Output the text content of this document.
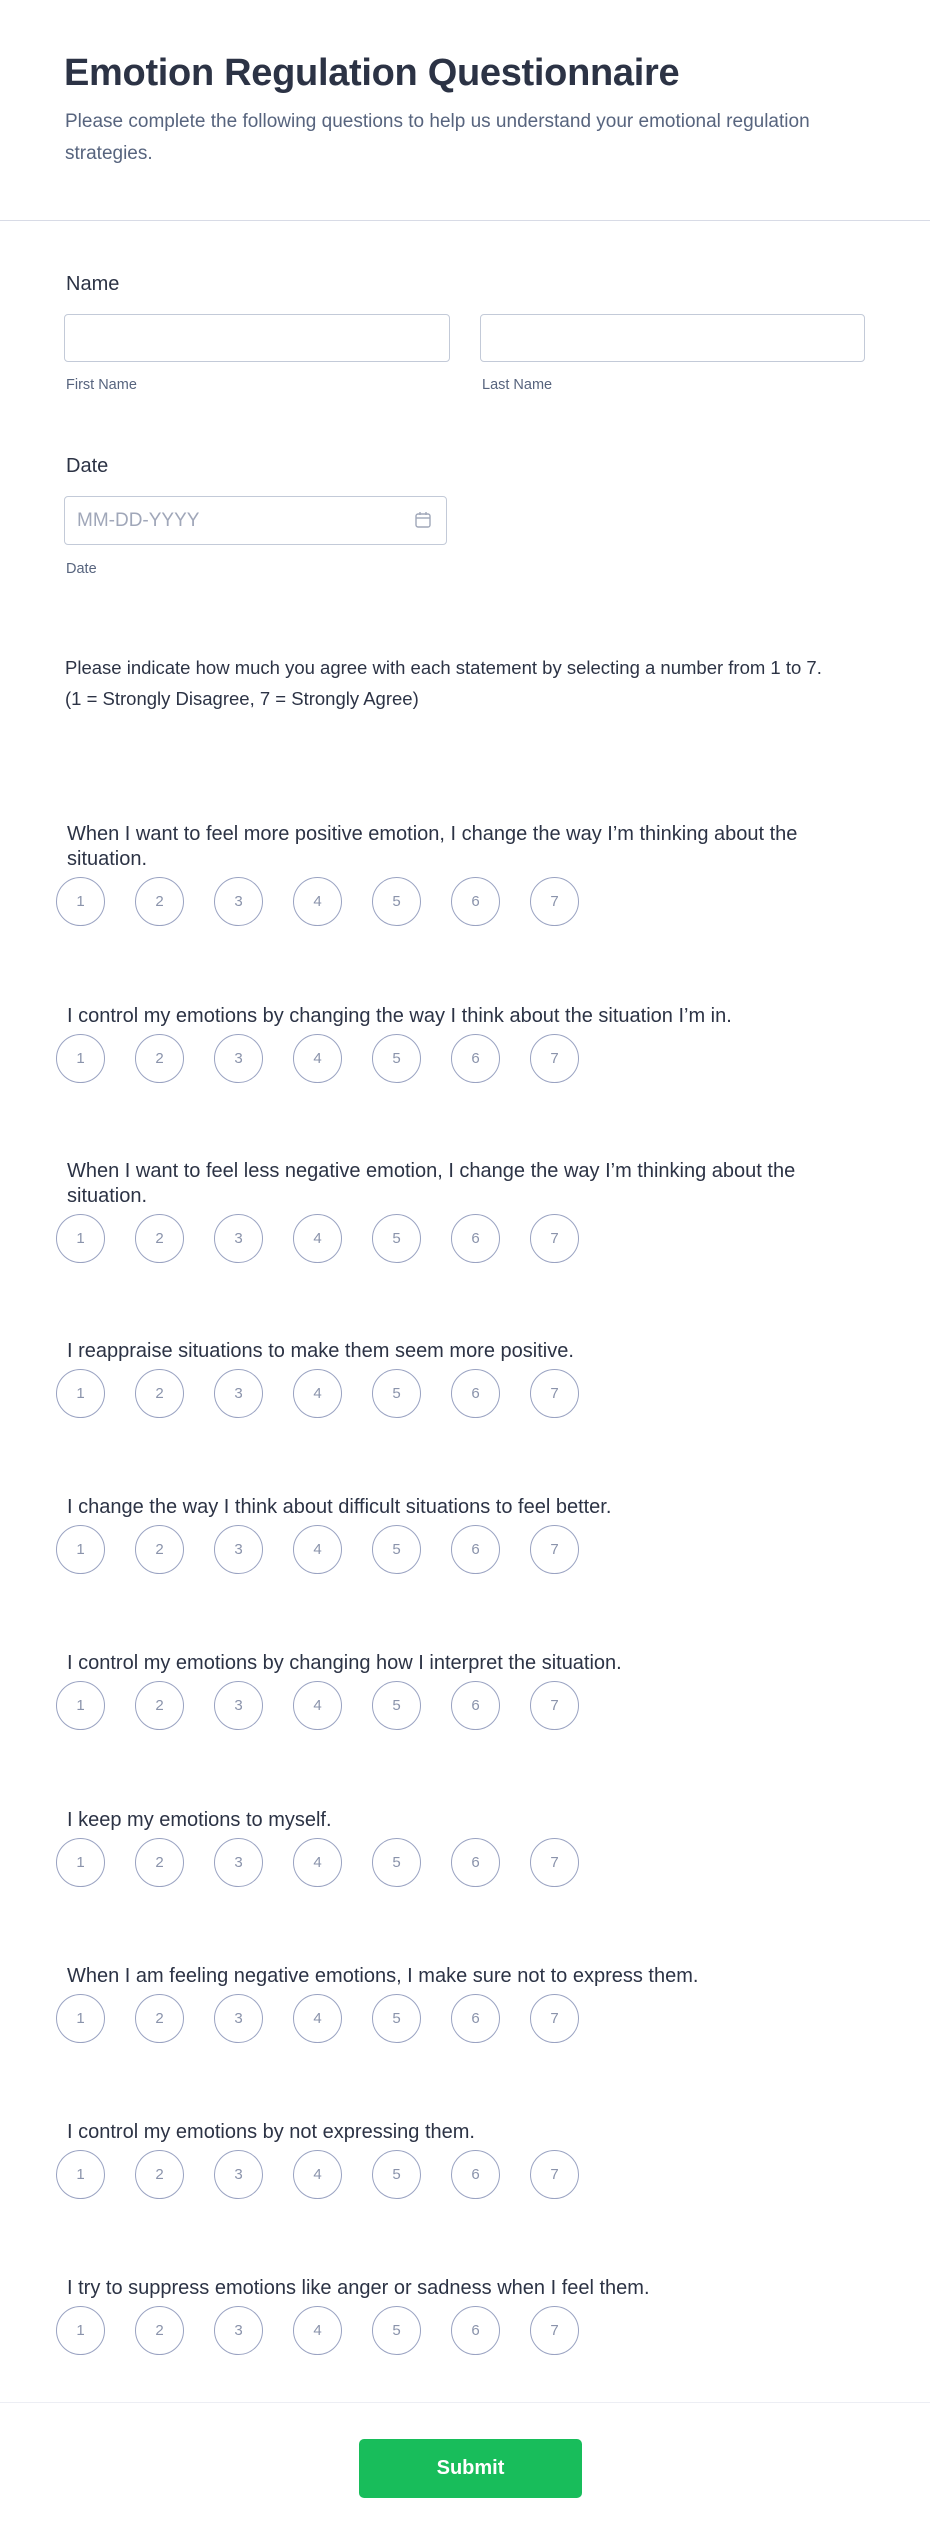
Emotion Regulation Questionnaire
Please complete the following questions to help us understand your emotional regulation strategies.
Name
First Name	Last Name
Date
MM-DD-YYYY
Date
Please indicate how much you agree with each statement by selecting a number from 1 to 7.
(1 = Strongly Disagree, 7 = Strongly Agree)
When I want to feel more positive emotion, I change the way I’m thinking about the situation.
1	2	3	4	5	6	7
I control my emotions by changing the way I think about the situation I’m in.
1	2	3	4	5	6	7
When I want to feel less negative emotion, I change the way I’m thinking about the situation.
1	2	3	4	5	6	7
I reappraise situations to make them seem more positive.
1	2	3	4	5	6	7
I change the way I think about difficult situations to feel better.
1	2	3	4	5	6	7
I control my emotions by changing how I interpret the situation.
1	2	3	4	5	6	7
I keep my emotions to myself.
1	2	3	4	5	6	7
When I am feeling negative emotions, I make sure not to express them.
1	2	3	4	5	6	7
I control my emotions by not expressing them.
1	2	3	4	5	6	7
I try to suppress emotions like anger or sadness when I feel them.
1	2	3	4	5	6	7
Submit
